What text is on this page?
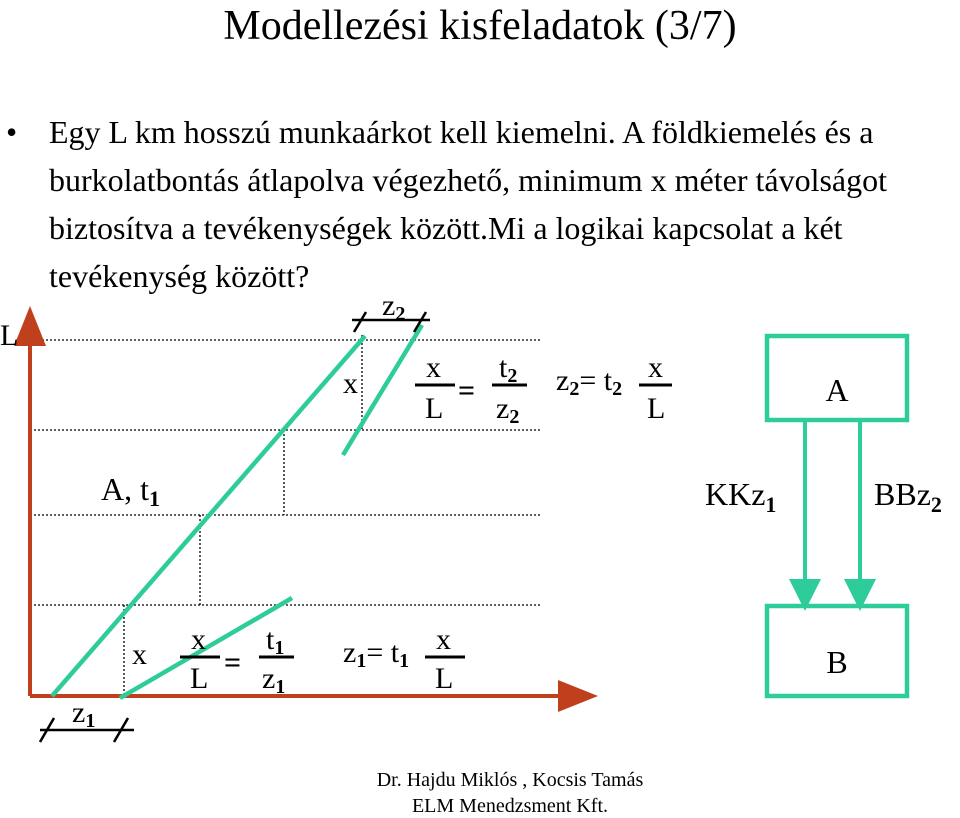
Modellezési kisfeladatok (3/7)
• Egy L km hosszú munkaárkot kell kiemelni. A földkiemelés és a burkolatbontás átlapolva végezhető, minimum x méter távolságot biztosítva a tevékenységek között.Mi a logikai kapcsolat a két tevékenység között?
L
A, t1
z2
z1
x
x
x
L
=
t2
z2
z2= t2
x
L
x
L =
t1
z1
z1= t1
x
L
A
B
KKz$_1$	BBz$_2$
Dr. Hajdu Miklós , Kocsis Tamás
ELM Menedzsment Kft.
